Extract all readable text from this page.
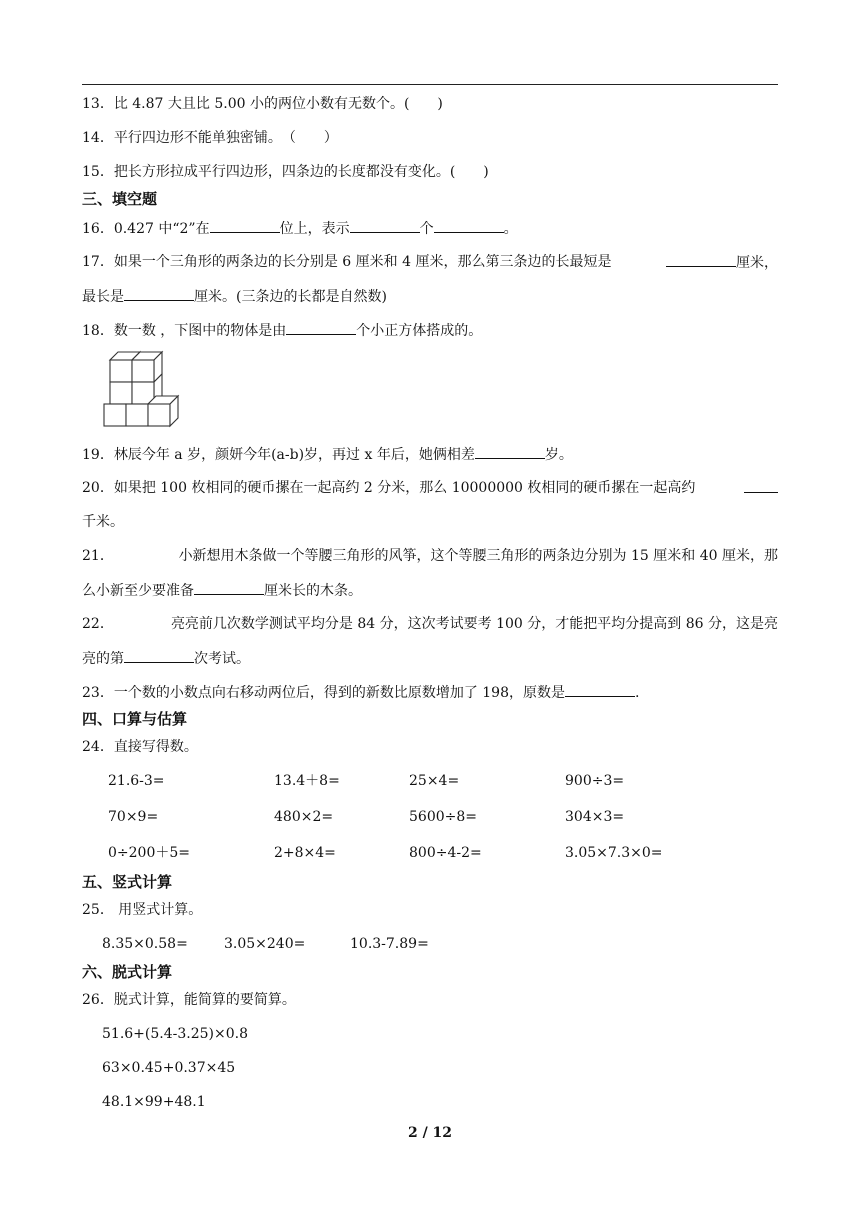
13．比 4.87 大且比 5.00 小的两位小数有无数个。(　　)
14．平行四边形不能单独密铺。　（　　）
15．把长方形拉成平行四边形，四条边的长度都没有变化。(　　)
三、填空题
16．0.427 中“2”在	位上，表示	个	。
17．如果一个三角形的两条边的长分别是 6 厘米和 4 厘米，那么第三条边的长最短是	厘米，
最长是	厘米。(三条边的长都是自然数)
18．数一数 ，下图中的物体是由	个小正方体搭成的。
19．林辰今年 a 岁，颜妍今年(a-b)岁，再过 x 年后，她俩相差	岁。
20．如果把 100 枚相同的硬币摞在一起高约 2 分米，那么 10000000 枚相同的硬币摞在一起高约
千米。
21．	小新想用木条做一个等腰三角形的风筝，这个等腰三角形的两条边分别为 15 厘米和 40 厘米，那
么小新至少要准备	厘米长的木条。
22．	亮亮前几次数学测试平均分是 84 分，这次考试要考 100 分，才能把平均分提高到 86 分，这是亮
亮的第	次考试。
23．一个数的小数点向右移动两位后，得到的新数比原数增加了 198，原数是	.
四、口算与估算
24．直接写得数。
21.6-3=	13.4＋8=	25×4=	900÷3=
70×9=	480×2=	5600÷8=	304×3=
0÷200＋5=	2+8×4=	800÷4-2=	3.05×7.3×0=
五、竖式计算
25． 用竖式计算。
8.35×0.58=	3.05×240=	10.3-7.89=
六、脱式计算
26．脱式计算，能简算的要简算。
51.6+(5.4-3.25)×0.8
63×0.45+0.37×45
48.1×99+48.1
2 / 12
